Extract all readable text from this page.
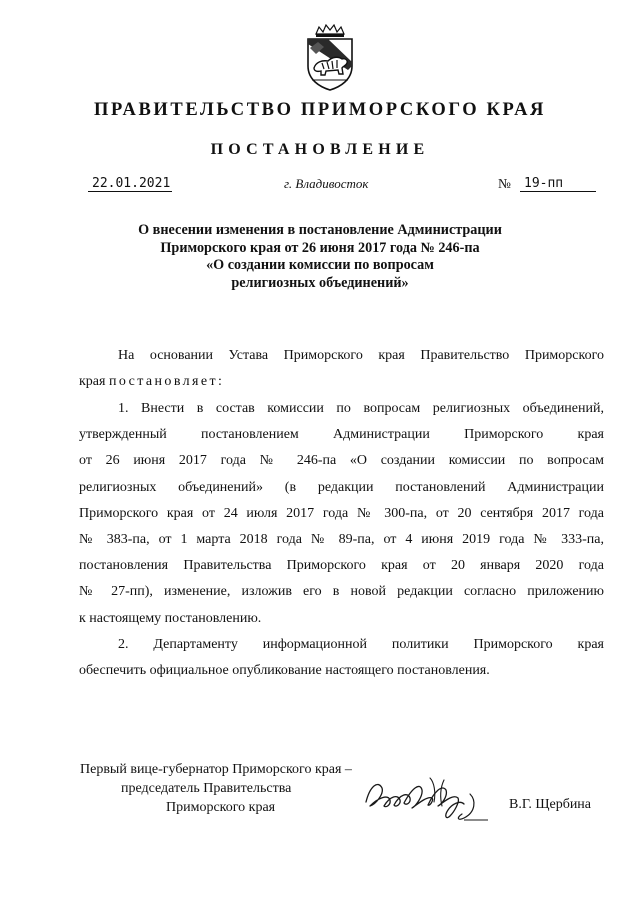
ПРАВИТЕЛЬСТВО ПРИМОРСКОГО КРАЯ
ПОСТАНОВЛЕНИЕ
22.01.2021	г. Владивосток	№	19-пп
О внесении изменения в постановление Администрации
Приморского края от 26 июня 2017 года № 246-па
«О создании комиссии по вопросам
религиозных объединений»
На основании Устава Приморского края Правительство Приморского
края постановляет:
1. Внести в состав комиссии по вопросам религиозных объединений,
утвержденный постановлением Администрации Приморского края
от 26 июня 2017 года № 246-па «О создании комиссии по вопросам
религиозных объединений» (в редакции постановлений Администрации
Приморского края от 24 июля 2017 года № 300-па, от 20 сентября 2017 года
№ 383-па, от 1 марта 2018 года № 89-па, от 4 июня 2019 года № 333-па,
постановления Правительства Приморского края от 20 января 2020 года
№ 27-пп), изменение, изложив его в новой редакции согласно приложению
к настоящему постановлению.
2. Департаменту информационной политики Приморского края
обеспечить официальное опубликование настоящего постановления.
Первый вице-губернатор Приморского края –
председатель Правительства
Приморского края	В.Г. Щербина
